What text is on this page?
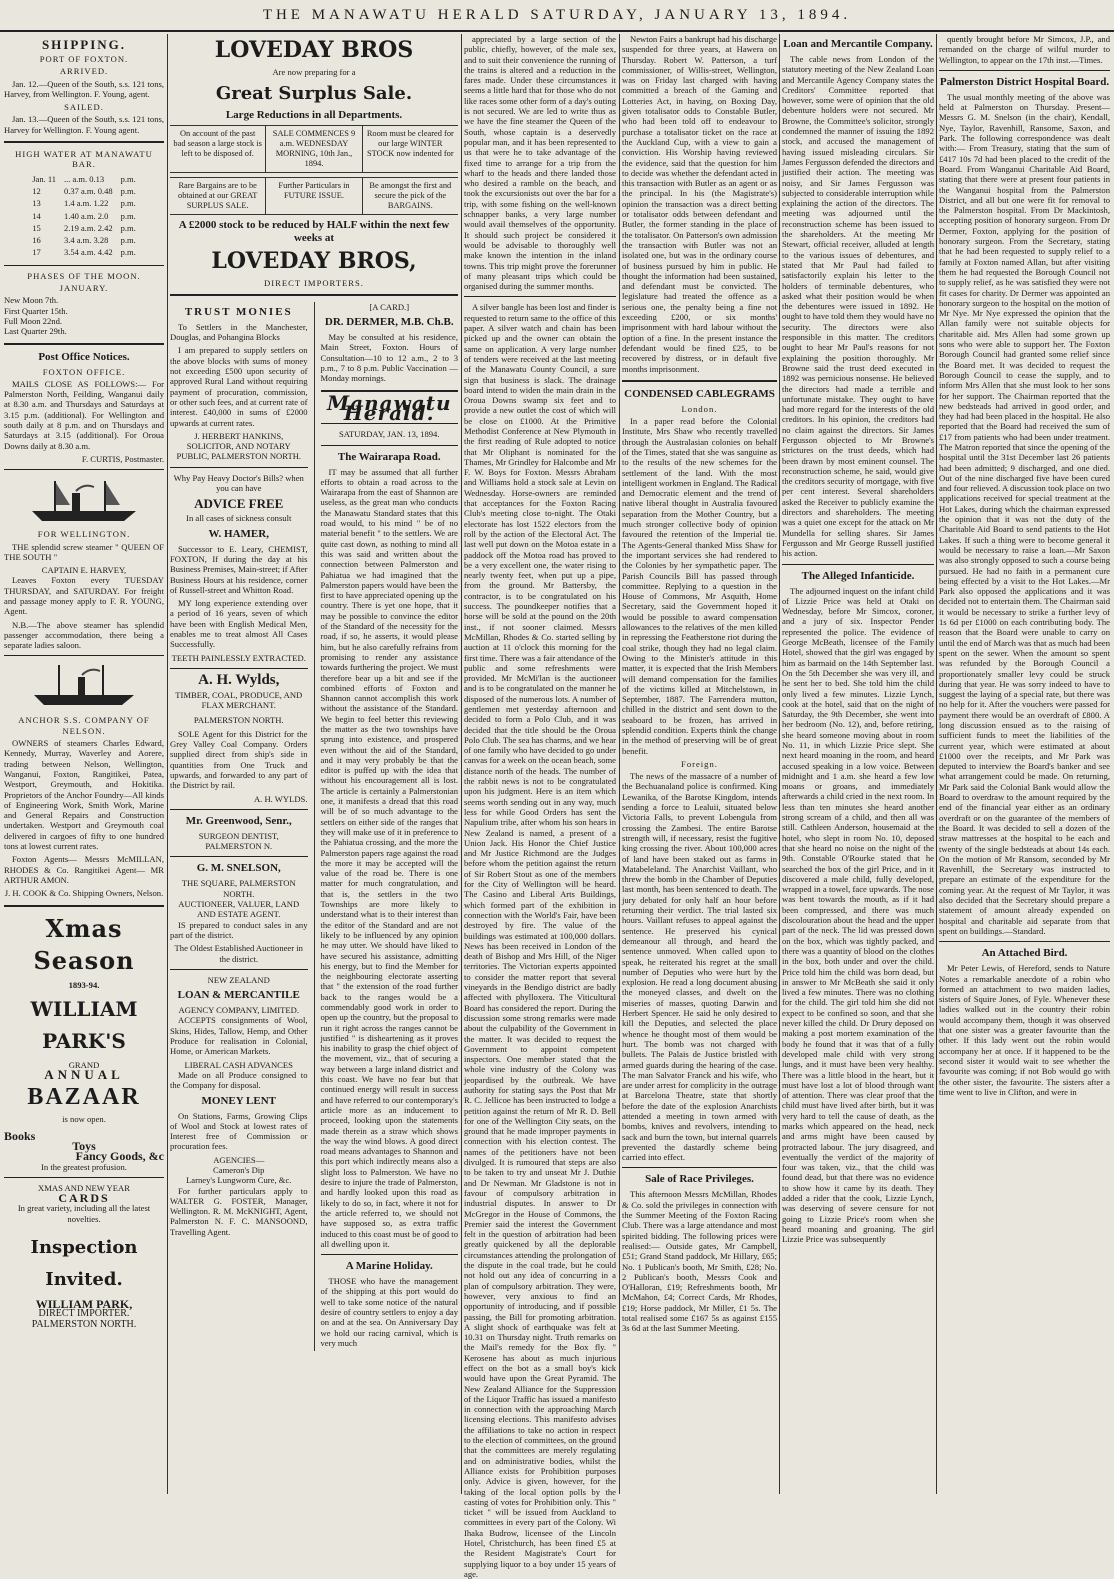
THE MANAWATU HERALD SATURDAY, JANUARY 13, 1894.
SHIPPING.
PORT OF FOXTON.
ARRIVED.

Jan. 12.—Queen of the South, s.s. 121 tons, Harvey, from Wellington. F. Young, agent.

SAILED.

Jan. 13.—Queen of the South, s.s. 121 tons, Harvey for Wellington. F. Young agent.

HIGH WATER AT MANAWATU BAR.
Jan. 11	... a.m. 0.13	p.m.
12	0.37 a.m. 0.48	p.m.
13	1.4 a.m. 1.22	p.m.
14	1.40 a.m. 2.0	p.m.
15	2.19 a.m. 2.42	p.m.
16	3.4 a.m. 3.28	p.m.
17	3.54 a.m. 4.42	p.m.
PHASES OF THE MOON.
JANUARY.
New Moon 7th.
First Quarter 15th.
Full Moon 22nd.
Last Quarter 29th.
Post Office Notices.
FOXTON OFFICE.

MAILS CLOSE AS FOLLOWS:— For Palmerston North, Feilding, Wanganui daily at 8.30 a.m. and Thursdays and Saturdays at 3.15 p.m. (additional). For Wellington and south daily at 8 p.m. and on Thursdays and Saturdays at 3.15 (additional). For Oroua Downs daily at 8.30 a.m.

F. CURTIS, Postmaster.
FOR WELLINGTON.

THE splendid screw steamer " QUEEN OF THE SOUTH "

CAPTAIN E. HARVEY,

Leaves Foxton every TUESDAY THURSDAY, and SATURDAY. For freight and passage money apply to F. R. YOUNG, Agent.

N.B.—The above steamer has splendid passenger accommodation, there being a separate ladies saloon.

ANCHOR S.S. COMPANY OF NELSON.

OWNERS of steamers Charles Edward, Kennedy, Murray, Waverley and Aorere, trading between Nelson, Wellington, Wanganui, Foxton, Rangitikei, Patea, Westport, Greymouth, and Hokitika. Proprietors of the Anchor Foundry—All kinds of Engineering Work, Smith Work, Marine and General Repairs and Construction undertaken. Westport and Greymouth coal delivered in cargoes of fifty to one hundred tons at lowest current rates.

Foxton Agents— Messrs McMILLAN, RHODES & Co. Rangitikei Agent— MR ARTHUR AMON.

J. H. COOK & Co. Shipping Owners, Nelson.
Xmas Season
1893-94.
WILLIAM PARK'S
GRAND
ANNUAL
BAZAAR
is now open.
Books
Toys
Fancy Goods, &c
In the greatest profusion.
XMAS AND NEW YEAR
CARDS
In great variety, including all the latest novelties.
Inspection Invited.
WILLIAM PARK,
DIRECT IMPORTER.
PALMERSTON NORTH.
LOVEDAY BROS
Are now preparing for a
Great Surplus Sale.
Large Reductions in all Departments.
On account of the past bad season a large stock is left to be disposed of.
SALE COMMENCES 9 a.m. WEDNESDAY MORNING, 10th Jan., 1894.
Room must be cleared for our large WINTER STOCK now indented for
Rare Bargains are to be obtained at our GREAT SURPLUS SALE.
Further Particulars in FUTURE ISSUE.
Be amongst the first and secure the pick of the BARGAINS.
A £2000 stock to be reduced by HALF within the next few weeks at
LOVEDAY BROS,
DIRECT IMPORTERS.
TRUST MONIES

To Settlers in the Manchester, Douglas, and Pohangina Blocks

I am prepared to supply settlers on the above blocks with sums of money not exceeding £500 upon security of approved Rural Land without requiring payment of procuration, commission, or other such fees, and at current rate of interest. £40,000 in sums of £2000 upwards at current rates.

J. HERBERT HANKINS, SOLICITOR, AND NOTARY PUBLIC, PALMERSTON NORTH.
Why Pay Heavy Doctor's Bills? when you can have
ADVICE FREE
In all cases of sickness consult
W. HAMER,

Successor to E. Leary, CHEMIST, FOXTON, If during the day at his Business Premises, Main-street; if After Business Hours at his residence, corner of Russell-street and Whitton Road.

MY long experience extending over a period of 16 years, seven of which have been with English Medical Men, enables me to treat almost All Cases Successfully.

TEETH PAINLESSLY EXTRACTED.
A. H. Wylds,
TIMBER, COAL, PRODUCE, AND FLAX MERCHANT.
PALMERSTON NORTH.

SOLE Agent for this District for the Grey Valley Coal Company. Orders supplied direct from ship's side in quantities from One Truck and upwards, and forwarded to any part of the District by rail.

A. H. WYLDS.
Mr. Greenwood, Senr.,
SURGEON DENTIST,
PALMERSTON N.
G. M. SNELSON,
THE SQUARE, PALMERSTON NORTH.
AUCTIONEER, VALUER, LAND AND ESTATE AGENT.

IS prepared to conduct sales in any part of the district.

The Oldest Established Auctioneer in the district.
NEW ZEALAND
LOAN & MERCANTILE
AGENCY COMPANY, LIMITED.

ACCEPTS consignments of Wool, Skins, Hides, Tallow, Hemp, and Other Produce for realisation in Colonial, Home, or American Markets.

LIBERAL CASH ADVANCES

Made on all Produce consigned to the Company for disposal.

MONEY LENT

On Stations, Farms, Growing Clips of Wool and Stock at lowest rates of Interest free of Commission or procuration fees.

AGENCIES—
Cameron's Dip
Larney's Lungworm Cure, &c.

For further particulars apply to WALTER G. FOSTER, Manager, Wellington. R. M. McKNIGHT, Agent, Palmerston N. F. C. MANSOOND, Travelling Agent.

[A CARD.]
DR. DERMER, M.B. Ch.B.

May be consulted at his residence, Main Street, Foxton. Hours of Consultation—10 to 12 a.m., 2 to 3 p.m., 7 to 8 p.m. Public Vaccination — Monday mornings.

Manawatu Herald.
SATURDAY, JAN. 13, 1894.
The Wairarapa Road.

IT may be assumed that all further efforts to obtain a road across to the Wairarapa from the east of Shannon are useless, as the great man who conducts the Manawatu Standard states that this road would, to his mind " be of no material benefit " to the settlers. We are quite cast down, as nothing to mind all this was said and written about the connection between Palmerston and Pahiatua we had imagined that the Palmerston papers would have been the first to have appreciated opening up the country. There is yet one hope, that it may be possible to convince the editor of the Standard of the necessity for the road, if so, he asserts, it would please him, but he also carefully refrains from promising to render any assistance towards furthering the project. We must therefore bear up a bit and see if the combined efforts of Foxton and Shannon cannot accomplish this work without the assistance of the Standard. We begin to feel better this reviewing the matter as the two townships have sprung into existence, and prospered even without the aid of the Standard, and it may very probably be that the editor is puffed up with the idea that without his encouragement all is lost. The article is certainly a Palmerstonian one, it manifests a dread that this road will be of so much advantage to the settlers on either side of the ranges that they will make use of it in preference to the Pahiatua crossing, and the more the Palmerston papers rage against the road the more it may be accepted will the value of the road be. There is one matter for much congratulation, and that is, the settlers in the two Townships are more likely to understand what is to their interest than the editor of the Standard and are not likely to be influenced by any opinion he may utter. We should have liked to have secured his assistance, admitting his energy, but to find the Member for the neighbouring electorate asserting that " the extension of the road further back to the ranges would be a commendably good work in order to open up the country, but the proposal to run it right across the ranges cannot be justified " is disheartening as it proves his inability to grasp the chief object of the movement, viz., that of securing a way between a large inland district and this coast. We have no fear but that continued energy will result in success and have referred to our contemporary's article more as an inducement to proceed, looking upon the statements made therein as a straw which shows the way the wind blows. A good direct road means advantages to Shannon and this port which indirectly means also a slight loss to Palmerston. We have no desire to injure the trade of Palmerston, and hardly looked upon this road as likely to do so, in fact, where it not for the article referred to, we should not have supposed so, as extra traffic induced to this coast must be of good to all dwelling upon it.

A Marine Holiday.

THOSE who have the management of the shipping at this port would do well to take some notice of the natural desire of country settlers to enjoy a day on and at the sea. On Anniversary Day we hold our racing carnival, which is very much

appreciated by a large section of the public, chiefly, however, of the male sex, and to suit their convenience the running of the trains is altered and a reduction in the fares made. Under these circumstances it seems a little hard that for those who do not like races some other form of a day's outing is not secured. We are led to write thus as we have the fine steamer the Queen of the South, whose captain is a deservedly popular man, and it has been represented to us that were he to take advantage of the fixed time to arrange for a trip from the wharf to the heads and there landed those who desired a ramble on the beach, and took the excursionists out over the bar for a trip, with some fishing on the well-known schnapper banks, a very large number would avail themselves of the opportunity. It should such project be considered it would be advisable to thoroughly well make known the intention in the inland towns. This trip might prove the forerunner of many pleasant trips which could be organised during the summer months.

A silver bangle has been lost and finder is requested to return same to the office of this paper. A silver watch and chain has been picked up and the owner can obtain the same on application. A very large number of tenders were received at the last meeting of the Manawatu County Council, a sure sign that business is slack. The drainage board intend to widen the main drain in the Oroua Downs swamp six feet and to provide a new outlet the cost of which will be close on £1000. At the Primitive Methodist Conference at New Plymouth in the first reading of Rule adopted to notice that Mr Oliphant is nominated for the Thames, Mr Grindley for Halcombe and Mr F. W. Boys for Foxton. Messrs Abraham and Williams hold a stock sale at Levin on Wednesday. Horse-owners are reminded that acceptances for the Foxton Racing Club's meeting close to-night. The Otaki electorate has lost 1522 electors from the roll by the action of the Electoral Act. The last well put down on the Motoa estate in a paddock off the Motoa road has proved to be a very excellent one, the water rising to nearly twenty feet, when put up a pipe, from the ground. Mr Battersby, the contractor, is to be congratulated on his success. The poundkeeper notifies that a horse will be sold at the pound on the 20th inst., if not sooner claimed. Messrs McMillan, Rhodes & Co. started selling by auction at 11 o'clock this morning for the first time. There was a fair attendance of the public and some refreshments were provided. Mr McMi'lan is the auctioneer and is to be congratulated on the manner he disposed of the numerous lots. A number of gentlemen met yesterday afternoon and decided to form a Polo Club, and it was decided that the title should be the Oroua Polo Club. The sea has charms, and we hear of one family who have decided to go under canvas for a week on the ocean beach, some distance north of the heads. The number of the rabbit news is not to be congratulated upon his judgment. Here is an item which seems worth sending out in any way, much less for while Good Orders has sent the Napulium tribe, after whom his son hears in New Zealand is named, a present of a Union Jack. His Honor the Chief Justice and Mr Justice Richmond are the Judges before whom the petition against the return of Sir Robert Stout as one of the members for the City of Wellington will be heard. The Casino and Liberal Arts Buildings, which formed part of the exhibition in connection with the World's Fair, have been destroyed by fire. The value of the buildings was estimated at 100,000 dollars. News has been received in London of the death of Bishop and Mrs Hill, of the Niger territories. The Victorian experts appointed to consider the matter report that several vineyards in the Bendigo district are badly affected with phylloxera. The Viticultural Board has considered the report. During the discussion some strong remarks were made about the culpability of the Government in the matter. It was decided to request the Government to appoint competent inspectors. One member stated that the whole vine industry of the Colony was jeopardised by the outbreak. We have authority for stating says the Post that Mr R. C. Jellicoe has been instructed to lodge a petition against the return of Mr R. D. Bell for one of the Wellington City seats, on the ground that he made improper payments in connection with his election contest. The names of the petitioners have not been divulged. It is rumoured that steps are also to be taken to try and unseat Mr J. Duthie and Dr Newman. Mr Gladstone is not in favour of compulsory arbitration in industrial disputes. In answer to Dr McGregor in the House of Commons, the Premier said the interest the Government felt in the question of arbitration had been greatly quickened by all the deplorable circumstances attending the prolongation of the dispute in the coal trade, but he could not hold out any idea of concurring in a plan of compulsory arbitration. They were, however, very anxious to find an opportunity of introducing, and if possible passing, the Bill for promoting arbitration. A slight shock of earthquake was felt at 10.31 on Thursday night. Truth remarks on the Mail's remedy for the Box fly. " Kerosene has about as much injurious effect on the bot as a small boy's kick would have upon the Great Pyramid. The New Zealand Alliance for the Suppression of the Liquor Traffic has issued a manifesto in connection with the approaching March licensing elections. This manifesto advises the affiliations to take no action in respect to the election of committees, on the ground that the committees are merely regulating and on administrative bodies, whilst the Alliance exists for Prohibition purposes only. Advice is given, however, for the taking of the local option polls by the casting of votes for Prohibition only. This " ticket " will be issued from Auckland to committees in every part of the Colony. Wi Ihaka Budrow, licensee of the Lincoln Hotel, Christchurch, has been fined £5 at the Resident Magistrate's Court for supplying liquor to a boy under 15 years of age.

Newton Fairs a bankrupt had his discharge suspended for three years, at Hawera on Thursday. Robert W. Patterson, a turf commissioner, of Willis-street, Wellington, was on Friday last charged with having committed a breach of the Gaming and Lotteries Act, in having, on Boxing Day, given totalisator odds to Constable Butler, who had been told off to endeavour to purchase a totalisator ticket on the race at the Auckland Cup, with a view to gain a conviction. His Worship having reviewed the evidence, said that the question for him to decide was whether the defendant acted in this transaction with Butler as an agent or as the principal. In his (the Magistrate's) opinion the transaction was a direct betting or totalisator odds between defendant and Butler, the former standing in the place of the totalisator. On Patterson's own admission the transaction with Butler was not an isolated one, but was in the ordinary course of business pursued by him in public. He thought the information had been sustained, and defendant must be convicted. The legislature had treated the offence as a serious one, the penalty being a fine not exceeding £200, or six months' imprisonment with hard labour without the option of a fine. In the present instance the defendant would be fined £25, to be recovered by distress, or in default five months imprisonment.

CONDENSED CABLEGRAMS
London.

In a paper read before the Colonial Institute, Mrs Shaw who recently travelled through the Australasian colonies on behalf of the Times, stated that she was sanguine as to the results of the new schemes for the settlement of the land. With the most intelligent workmen in England. The Radical and Democratic element and the trend of native liberal thought in Australia favoured separation from the Mother Country, but a much stronger collective body of opinion favoured the retention of the Imperial tie. The Agents-General thanked Miss Shaw for the important services she had rendered to the Colonies by her sympathetic paper. The Parish Councils Bill has passed through committee. Replying to a question in the House of Commons, Mr Asquith, Home Secretary, said the Government hoped it would be possible to award compensation allowances to the relatives of the men killed in repressing the Featherstone riot during the coal strike, though they had no legal claim. Owing to the Minister's attitude in this matter, it is expected that the Irish Members will demand compensation for the families of the victims killed at Mitchelstown, in September, 1887. The Farrendera mutton, chilled in the district and sent down to the seaboard to be frozen, has arrived in splendid condition. Experts think the change in the method of preserving will be of great benefit.

Foreign.

The news of the massacre of a number of the Bechuanaland police is confirmed. King Lewanika, of the Barotse Kingdom, intends sending a force to Lealuii, situated below Victoria Falls, to prevent Lobengula from crossing the Zambesi. The entire Barotse strength will, if necessary, resist the fugitive king crossing the river. About 100,000 acres of land have been staked out as farms in Matabeleland. The Anarchist Vaillant, who threw the bomb in the Chamber of Deputies last month, has been sentenced to death. The jury debated for only half an hour before returning their verdict. The trial lasted six hours. Vaillant refuses to appeal against the sentence. He preserved his cynical demeanour all through, and heard the sentence unmoved. When called upon to speak, he reiterated his regret at the small number of Deputies who were hurt by the explosion. He read a long document abusing the moneyed classes, and dwelt on the miseries of masses, quoting Darwin and Herbert Spencer. He said he only desired to kill the Deputies, and selected the place whence he thought most of them would be hurt. The bomb was not charged with bullets. The Palais de Justice bristled with armed guards during the hearing of the case. The man Salvator Franck and his wife, who are under arrest for complicity in the outrage at Barcelona Theatre, state that shortly before the date of the explosion Anarchists attended a meeting in town armed with bombs, knives and revolvers, intending to sack and burn the town, but internal quarrels prevented the dastardly scheme being carried into effect.

Sale of Race Privileges.

This afternoon Messrs McMillan, Rhodes & Co. sold the privileges in connection with the Summer Meeting of the Foxton Racing Club. There was a large attendance and most spirited bidding. The following prices were realised:— Outside gates, Mr Campbell, £51; Grand Stand paddock, Mr Hillary, £65; No. 1 Publican's booth, Mr Smith, £28; No. 2 Publican's booth, Messrs Cook and O'Halloran, £19; Refreshments booth, Mr McMahon, £4; Correct Cards, Mr Rhodes, £19; Horse paddock, Mr Miller, £1 5s. The total realised some £167 5s as against £155 3s 6d at the last Summer Meeting.

Loan and Mercantile Company.

The cable news from London of the statutory meeting of the New Zealand Loan and Mercantile Agency Company states the Creditors' Committee reported that however, some were of opinion that the old debenture holders were not secured. Mr Browne, the Committee's solicitor, strongly condemned the manner of issuing the 1892 stock, and accused the management of having issued misleading circulars. Sir James Fergusson defended the directors and justified their action. The meeting was noisy, and Sir James Fergusson was subjected to considerable interruption while explaining the action of the directors. The meeting was adjourned until the reconstruction scheme has been issued to the shareholders. At the meeting Mr Stewart, official receiver, alluded at length to the various issues of debentures, and stated that Mr Paul had failed to satisfactorily explain his letter to the holders of terminable debentures, who asked what their position would be when the debentures were issued in 1892. He ought to have told them they would have no security. The directors were also responsible in this matter. The creditors ought to hear Mr Paul's reasons for not explaining the position thoroughly. Mr Browne said the trust deed executed in 1892 was pernicious nonsense. He believed the directors had made a terrible and unfortunate mistake. They ought to have had more regard for the interests of the old creditors. In his opinion, the creditors had no claim against the directors. Sir James Fergusson objected to Mr Browne's strictures on the trust deeds, which had been drawn by most eminent counsel. The reconstruction scheme, he said, would give the creditors security of mortgage, with five per cent interest. Several shareholders asked the Receiver to publicly examine the directors and shareholders. The meeting was a quiet one except for the attack on Mr Mundella for selling shares. Sir James Fergusson and Mr George Russell justified his action.

The Alleged Infanticide.

The adjourned inquest on the infant child of Lizzie Price was held at Otaki on Wednesday, before Mr Simcox, coroner, and a jury of six. Inspector Pender represented the police. The evidence of George McBeath, licensee of the Family Hotel, showed that the girl was engaged by him as barmaid on the 14th September last. On the 5th December she was very ill, and he sent her to bed. She told him the child only lived a few minutes. Lizzie Lynch, cook at the hotel, said that on the night of Saturday, the 9th December, she went into her bedroom (No. 12), and, before retiring, she heard someone moving about in room No. 11, in which Lizzie Price slept. She next heard moaning in the room, and heard accused speaking in a low voice. Between midnight and 1 a.m. she heard a few low moans or groans, and immediately afterwards a child cried in the next room. In less than ten minutes she heard another strong scream of a child, and then all was still. Cathleen Anderson, housemaid at the hotel, who slept in room No. 10, deposed that she heard no noise on the night of the 9th. Constable O'Rourke stated that he searched the box of the girl Price, and in it discovered a male child, fully developed, wrapped in a towel, face upwards. The nose was bent towards the mouth, as if it had been compressed, and there was much discolouration about the head and the upper part of the neck. The lid was pressed down on the box, which was tightly packed, and there was a quantity of blood on the clothes in the box, both under and over the child. Price told him the child was born dead, but in answer to Mr McBeath she said it only lived a few minutes. There was no clothing for the child. The girl told him she did not expect to be confined so soon, and that she never killed the child. Dr Drury deposed on making a post mortem examination of the body he found that it was that of a fully developed male child with very strong lungs, and it must have been very healthy. There was a little blood in the heart, but it must have lost a lot of blood through want of attention. There was clear proof that the child must have lived after birth, but it was very hard to tell the cause of death, as the marks which appeared on the head, neck and arms might have been caused by protracted labour. The jury disagreed, and eventually the verdict of the majority of four was taken, viz., that the child was found dead, but that there was no evidence to show how it came by its death. They added a rider that the cook, Lizzie Lynch, was deserving of severe censure for not going to Lizzie Price's room when she heard moaning and groaning. The girl Lizzie Price was subsequently

quently brought before Mr Simcox, J.P., and remanded on the charge of wilful murder to Wellington, to appear on the 17th inst.—Times.

Palmerston District Hospital Board.

The usual monthly meeting of the above was held at Palmerston on Thursday. Present—Messrs G. M. Snelson (in the chair), Kendall, Nye, Taylor, Ravenhill, Ransome, Saxon, and Park. The following correspondence was dealt with:— From Treasury, stating that the sum of £417 10s 7d had been placed to the credit of the Board. From Wanganui Charitable Aid Board, stating that there were at present four patients in the Wanganui hospital from the Palmerston District, and all but one were fit for removal to the Palmerston hospital. From Dr Mackintosh, accepting position of honorary surgeon. From Dr Dermer, Foxton, applying for the position of honorary surgeon. From the Secretary, stating that he had been requested to supply relief to a family at Foxton named Allan, but after visiting them he had requested the Borough Council not to supply relief, as he was satisfied they were not fit cases for charity. Dr Dermer was appointed an honorary surgeon to the hospital on the motion of Mr Nye. Mr Nye expressed the opinion that the Allan family were not suitable objects for charitable aid. Mrs Allen had some grown up sons who were able to support her. The Foxton Borough Council had granted some relief since the Board met. It was decided to request the Borough Council to cease the supply, and to inform Mrs Allen that she must look to her sons for her support. The Chairman reported that the new bedsteads had arrived in good order, and they had had been placed in the hospital. He also reported that the Board had received the sum of £17 from patients who had been under treatment. The Matron reported that since the opening of the hospital until the 31st December last 26 patients had been admitted; 9 discharged, and one died. Out of the nine discharged five have been cured and four relieved. A discussion took place on two applications received for special treatment at the Hot Lakes, during which the chairman expressed the opinion that it was not the duty of the Charitable Aid Board to send patients to the Hot Lakes. If such a thing were to become general it would be necessary to raise a loan.—Mr Saxon was also strongly opposed to such a course being pursued. He had no faith in a permanent cure being effected by a visit to the Hot Lakes.—Mr Park also opposed the applications and it was decided not to entertain them. The Chairman said it would be necessary to strike a further levy of 1s 6d per £1000 on each contributing body. The reason that the Board were unable to carry on until the end of March was that as much had been spent on the sewer. When the amount so spent was refunded by the Borough Council a proportionately smaller levy could be struck during that year. He was sorry indeed to have to suggest the laying of a special rate, but there was no help for it. After the vouchers were passed for payment there would be an overdraft of £800. A long discussion ensued as to the raising of sufficient funds to meet the liabilities of the current year, which were estimated at about £1000 over the receipts, and Mr Park was deputed to interview the Board's banker and see what arrangement could be made. On returning, Mr Park said the Colonial Bank would allow the Board to overdraw to the amount required by the end of the financial year either as an ordinary overdraft or on the guarantee of the members of the Board. It was decided to sell a dozen of the straw mattresses at the hospital to be each and twenty of the single bedsteads at about 14s each. On the motion of Mr Ransom, seconded by Mr Ravenhill, the Secretary was instructed to prepare an estimate of the expenditure for the coming year. At the request of Mr Taylor, it was also decided that the Secretary should prepare a statement of amount already expended on hospital and charitable aid separate from that spent on buildings.—Standard.

An Attached Bird.

Mr Peter Lewis, of Hereford, sends to Nature Notes a remarkable anecdote of a robin who formed an attachment to two maiden ladies, sisters of Squire Jones, of Fyle. Whenever these ladies walked out in the country their robin would accompany them, though it was observed that one sister was a greater favourite than the other. If this lady went out the robin would accompany her at once. If it happened to be the second sister it would wait to see whether the favourite was coming; if not Bob would go with the other sister, the favourite. The sisters after a time went to live in Clifton, and were in
